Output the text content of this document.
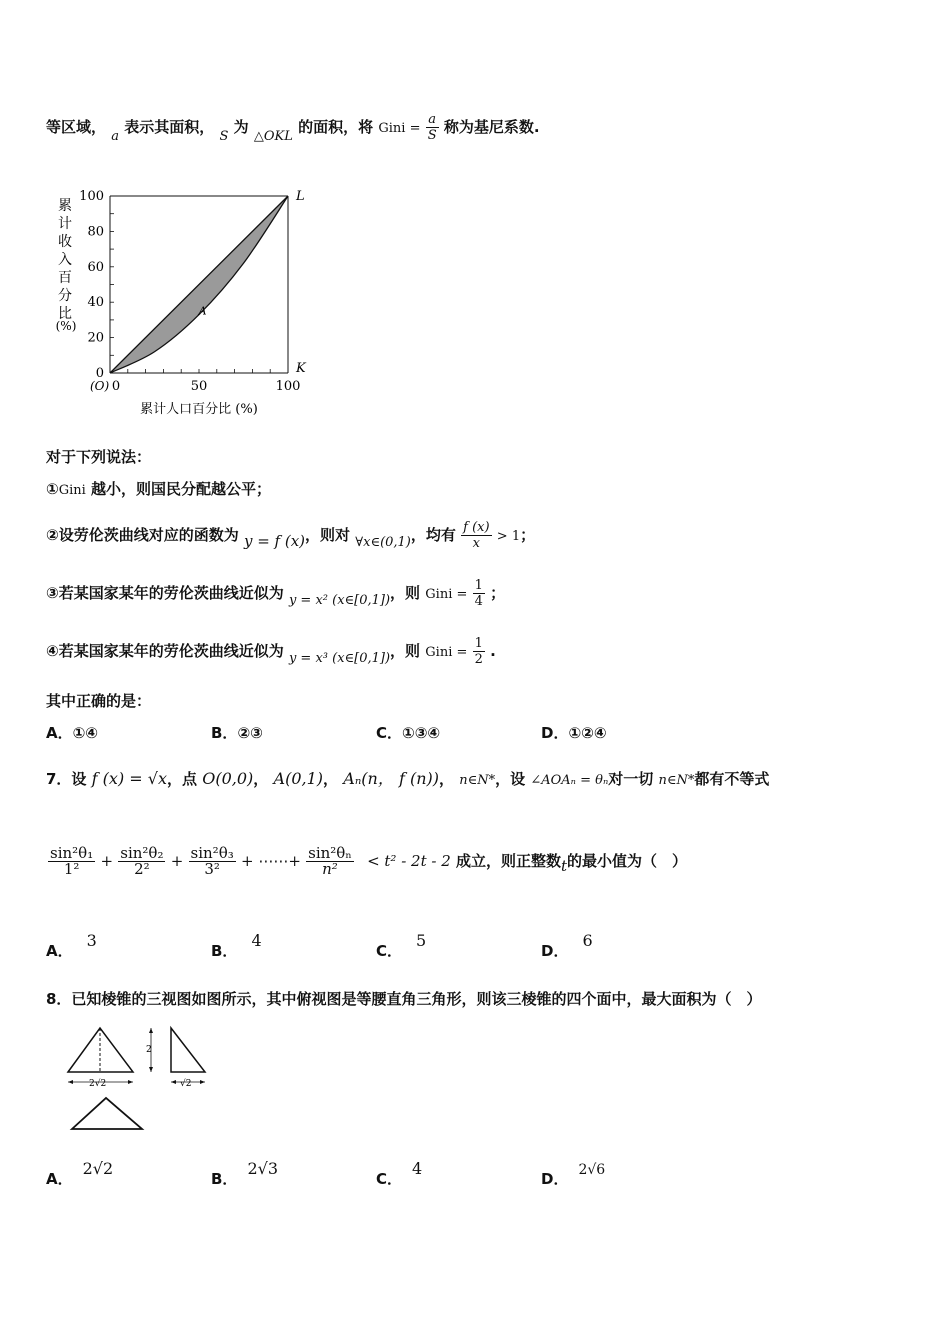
等区域， a 表示其面积， S 为 △OKL 的面积，将 Gini = $\frac{a}{S}$ 称为基尼系数.
0
20
40
60
80
100
0	50	100
(O)
L
K
A
累
计
收
入
百
分
比
(%)
累计人口百分比 (%)
对于下列说法：
①Gini 越小，则国民分配越公平；
②设劳伦茨曲线对应的函数为 y = f (x)，则对 ∀x∈(0,1)，均有 $\frac{f (x)}{x} > 1$；
③若某国家某年的劳伦茨曲线近似为 y = x² (x∈[0,1])，则 Gini = $\frac{1}{4}$ ；
④若某国家某年的劳伦茨曲线近似为 y = x³ (x∈[0,1])，则 Gini = $\frac{1}{2}$ .
其中正确的是：
A．①④	B．②③	C．①③④	D．①②④
7．设 f (x) = √x，点 O(0,0)， A(0,1)， Aₙ(n， f (n))， n∈N*，设 ∠AOAₙ = θₙ对一切 n∈N*都有不等式
$\frac{\text{sin²θ₁}}{\text{1²}} + \frac{\text{sin²θ₂}}{\text{2²}} + \frac{\text{sin²θ₃}}{\text{3²}}$ + ⋯⋯+ $\frac{\text{sin²θₙ}}{\text{n²}} < t^2 - 2t - 2$ 成立，则正整数t的最小值为（　）
A．3
B．4
C．5
D．6
8．已知棱锥的三视图如图所示，其中俯视图是等腰直角三角形，则该三棱锥的四个面中，最大面积为（　）
2√2
2
√2
A．2√2
B．2√3
C．4
D． 2√6
